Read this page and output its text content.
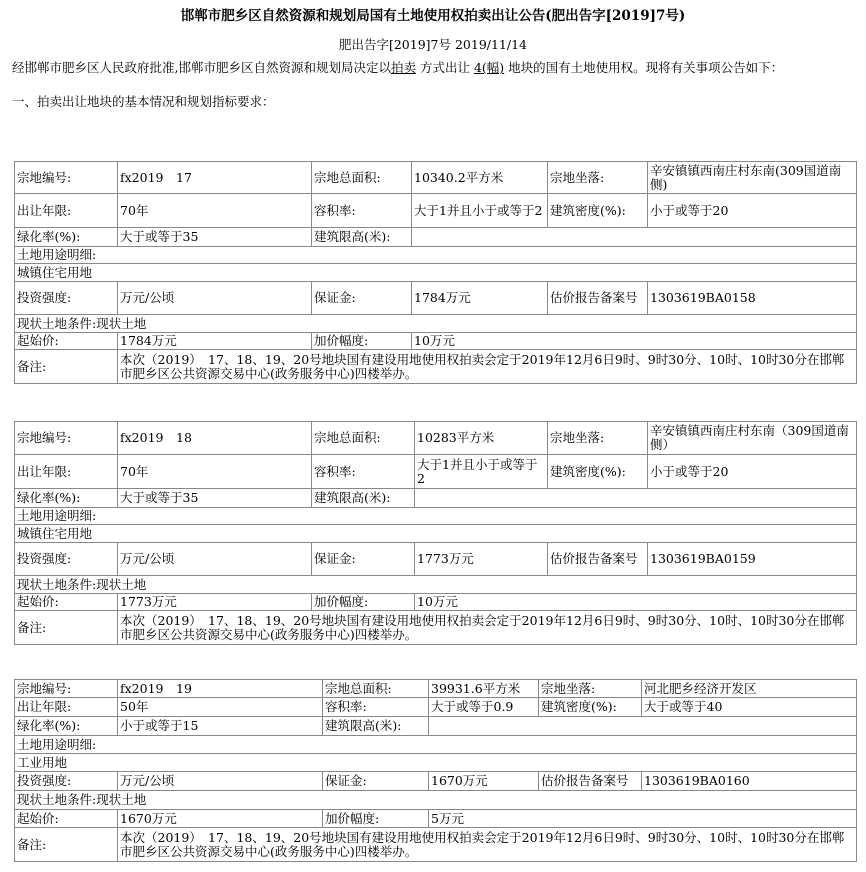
邯郸市肥乡区自然资源和规划局国有土地使用权拍卖出让公告(肥出告字[2019]7号)
肥出告字[2019]7号 2019/11/14
经邯郸市肥乡区人民政府批准,邯郸市肥乡区自然资源和规划局决定以拍卖 方式出让 4(幅) 地块的国有土地使用权。现将有关事项公告如下：
一、拍卖出让地块的基本情况和规划指标要求：
宗地编号:	fx2019　17	宗地总面积:	10340.2平方米	宗地坐落:	辛安镇镇西南庄村东南(309国道南侧)
出让年限:	70年	容积率:	大于1并且小于或等于2	建筑密度(%):	小于或等于20
绿化率(%):	大于或等于35	建筑限高(米):			
土地用途明细:					
城镇住宅用地					
投资强度:	万元/公顷	保证金:	1784万元	估价报告备案号	1303619BA0158
现状土地条件:现状土地					
起始价:	1784万元	加价幅度:	10万元		
备注:	本次（2019）　17、18、19、20号地块国有建设用地使用权拍卖会定于2019年12月6日9时、9时30分、10时、10时30分在邯郸市肥乡区公共资源交易中心(政务服务中心)四楼举办。				
宗地编号:	fx2019　18	宗地总面积:	10283平方米	宗地坐落:	辛安镇镇西南庄村东南（309国道南侧）
出让年限:	70年	容积率:	大于1并且小于或等于2	建筑密度(%):	小于或等于20
绿化率(%):	大于或等于35	建筑限高(米):			
土地用途明细:					
城镇住宅用地					
投资强度:	万元/公顷	保证金:	1773万元	估价报告备案号	1303619BA0159
现状土地条件:现状土地					
起始价:	1773万元	加价幅度:	10万元		
备注:	本次（2019）　17、18、19、20号地块国有建设用地使用权拍卖会定于2019年12月6日9时、9时30分、10时、10时30分在邯郸市肥乡区公共资源交易中心(政务服务中心)四楼举办。				
宗地编号:	fx2019　19	宗地总面积:	39931.6平方米	宗地坐落:	河北肥乡经济开发区
出让年限:	50年	容积率:	大于或等于0.9	建筑密度(%):	大于或等于40
绿化率(%):	小于或等于15	建筑限高(米):			
土地用途明细:					
工业用地					
投资强度:	万元/公顷	保证金:	1670万元	估价报告备案号	1303619BA0160
现状土地条件:现状土地					
起始价:	1670万元	加价幅度:	5万元		
备注:	本次（2019）　17、18、19、20号地块国有建设用地使用权拍卖会定于2019年12月6日9时、9时30分、10时、10时30分在邯郸市肥乡区公共资源交易中心(政务服务中心)四楼举办。				
